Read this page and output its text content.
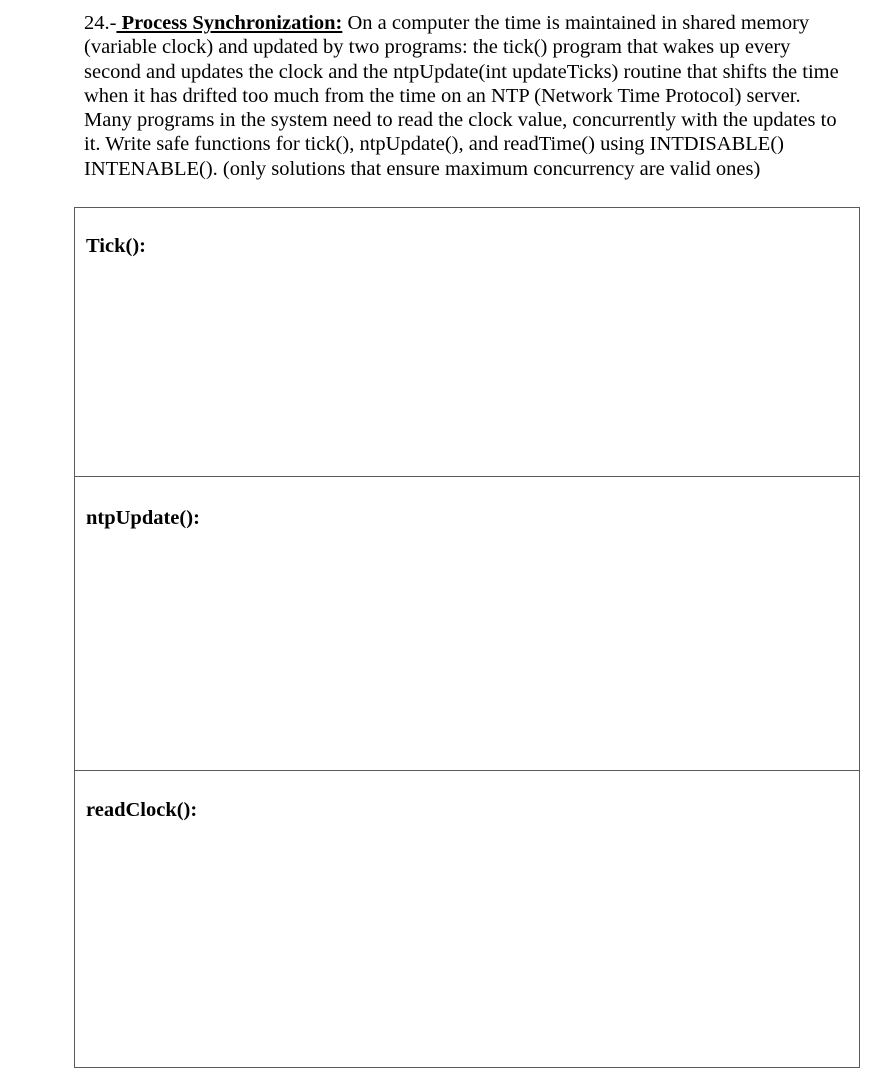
24.- Process Synchronization: On a computer the time is maintained in shared memory (variable clock) and updated by two programs: the tick() program that wakes up every second and updates the clock and the ntpUpdate(int updateTicks) routine that shifts the time when it has drifted too much from the time on an NTP (Network Time Protocol) server. Many programs in the system need to read the clock value, concurrently with the updates to it. Write safe functions for tick(), ntpUpdate(), and readTime() using INTDISABLE() INTENABLE(). (only solutions that ensure maximum concurrency are valid ones)

Tick():

ntpUpdate():

readClock():
